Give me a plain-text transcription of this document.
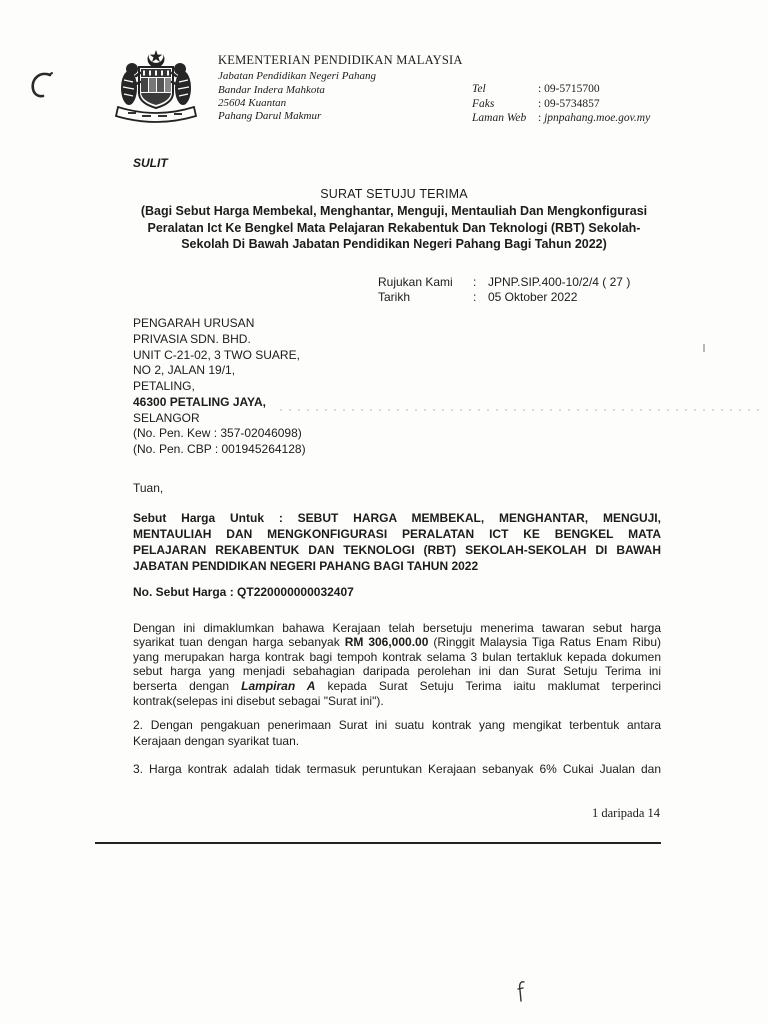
KEMENTERIAN PENDIDIKAN MALAYSIA
Jabatan Pendidikan Negeri Pahang
Bandar Indera Mahkota
25604 Kuantan
Pahang Darul Makmur
Tel	: 09-5715700
Faks	: 09-5734857
Laman Web : jpnpahang.moe.gov.my
SULIT
SURAT SETUJU TERIMA
(Bagi Sebut Harga Membekal, Menghantar, Menguji, Mentauliah Dan Mengkonfigurasi
Peralatan Ict Ke Bengkel Mata Pelajaran Rekabentuk Dan Teknologi (RBT) Sekolah-
Sekolah Di Bawah Jabatan Pendidikan Negeri Pahang Bagi Tahun 2022)
Rujukan Kami : JPNP.SIP.400-10/2/4 ( 27 )
Tarikh	: 05 Oktober 2022
PENGARAH URUSAN
PRIVASIA SDN. BHD.
UNIT C-21-02, 3 TWO SUARE,
NO 2, JALAN 19/1,
PETALING,
46300 PETALING JAYA,
SELANGOR
(No. Pen. Kew : 357-02046098)
(No. Pen. CBP : 001945264128)
Tuan,
Sebut Harga Untuk : SEBUT HARGA MEMBEKAL, MENGHANTAR, MENGUJI,
MENTAULIAH DAN MENGKONFIGURASI PERALATAN ICT KE BENGKEL MATA
PELAJARAN REKABENTUK DAN TEKNOLOGI (RBT) SEKOLAH-SEKOLAH DI BAWAH
JABATAN PENDIDIKAN NEGERI PAHANG BAGI TAHUN 2022
No. Sebut Harga : QT220000000032407
Dengan ini dimaklumkan bahawa Kerajaan telah bersetuju menerima tawaran sebut harga
syarikat tuan dengan harga sebanyak RM 306,000.00 (Ringgit Malaysia Tiga Ratus Enam Ribu)
yang merupakan harga kontrak bagi tempoh kontrak selama 3 bulan tertakluk kepada dokumen
sebut harga yang menjadi sebahagian daripada perolehan ini dan Surat Setuju Terima ini
berserta dengan Lampiran A kepada Surat Setuju Terima iaitu maklumat terperinci
kontrak(selepas ini disebut sebagai "Surat ini").
2. Dengan pengakuan penerimaan Surat ini suatu kontrak yang mengikat terbentuk antara
Kerajaan dengan syarikat tuan.
3. Harga kontrak adalah tidak termasuk peruntukan Kerajaan sebanyak 6% Cukai Jualan dan
1 daripada 14
